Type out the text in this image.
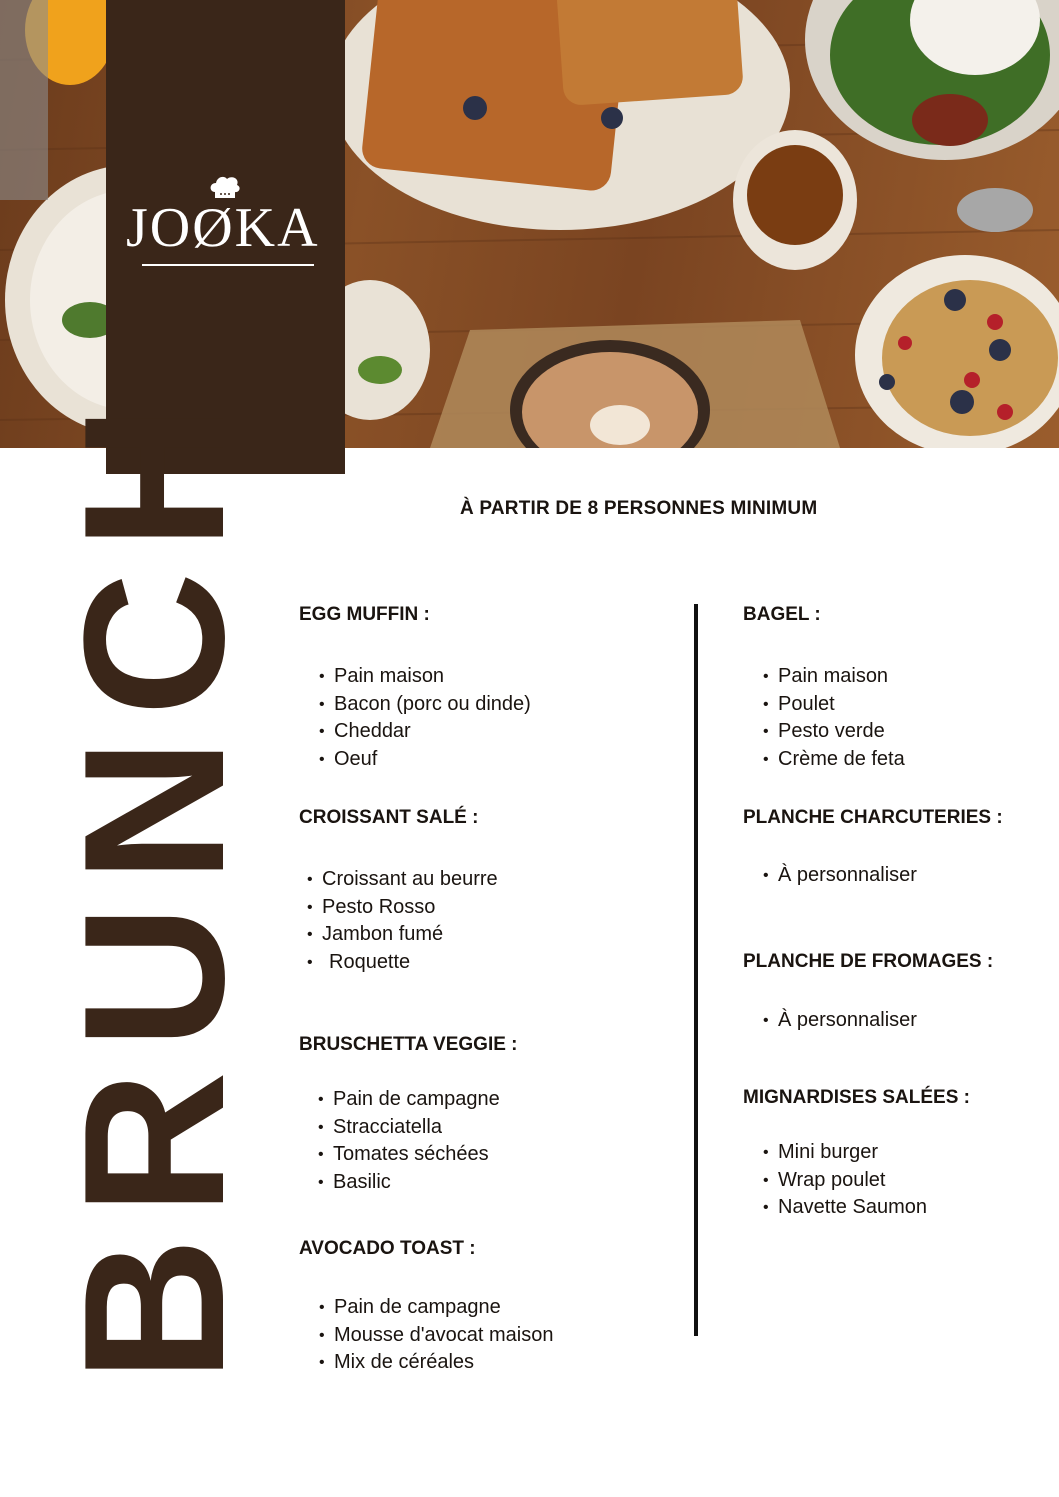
JOØKA
BRUNCH	À PARTIR DE 8 PERSONNES MINIMUM
EGG MUFFIN :
• Pain maison
• Bacon (porc ou dinde)
• Cheddar
• Oeuf
CROISSANT SALÉ :
• Croissant au beurre
• Pesto Rosso
• Jambon fumé
• Roquette
BRUSCHETTA VEGGIE :
• Pain de campagne
• Stracciatella
• Tomates séchées
• Basilic
AVOCADO TOAST :
• Pain de campagne
• Mousse d'avocat maison
• Mix de céréales
BAGEL :
• Pain maison
• Poulet
• Pesto verde
• Crème de feta
PLANCHE CHARCUTERIES :
• À personnaliser
PLANCHE DE FROMAGES :
• À personnaliser
MIGNARDISES SALÉES :
• Mini burger
• Wrap poulet
• Navette Saumon
